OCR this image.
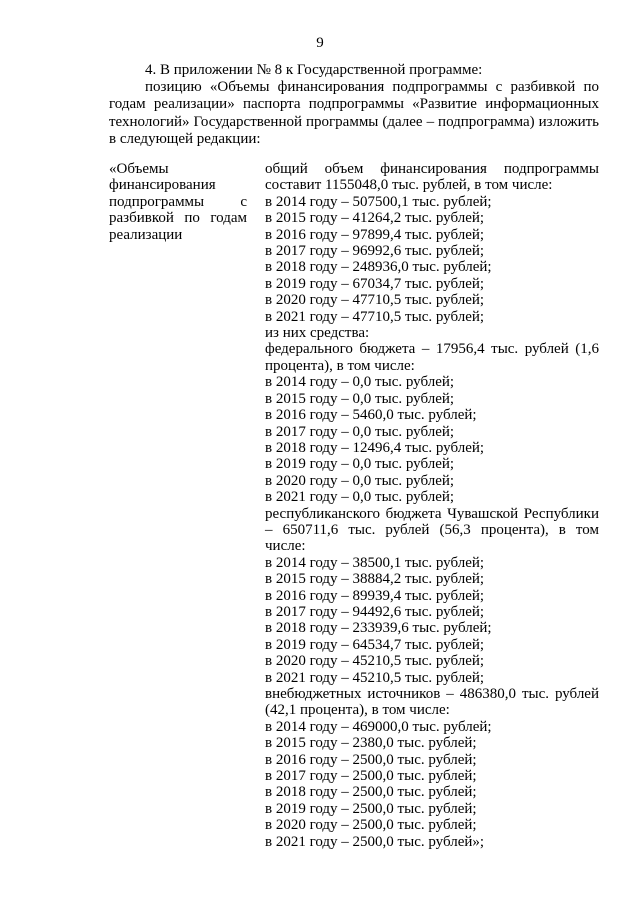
9

4. В приложении № 8 к Государственной программе:

позицию «Объемы финансирования подпрограммы с разбивкой по годам реализации» паспорта подпрограммы «Развитие информационных технологий» Государственной программы (далее – подпрограмма) изложить в следующей редакции:

«Объемы финансирования подпрограммы с разбивкой по годам реализации
общий объем финансирования подпрограммы составит 1155048,0 тыс. рублей, в том числе:
в 2014 году – 507500,1 тыс. рублей;
в 2015 году – 41264,2 тыс. рублей;
в 2016 году – 97899,4 тыс. рублей;
в 2017 году – 96992,6 тыс. рублей;
в 2018 году – 248936,0 тыс. рублей;
в 2019 году – 67034,7 тыс. рублей;
в 2020 году – 47710,5 тыс. рублей;
в 2021 году – 47710,5 тыс. рублей;
из них средства:
федерального бюджета – 17956,4 тыс. рублей (1,6 процента), в том числе:
в 2014 году – 0,0 тыс. рублей;
в 2015 году – 0,0 тыс. рублей;
в 2016 году – 5460,0 тыс. рублей;
в 2017 году – 0,0 тыс. рублей;
в 2018 году – 12496,4 тыс. рублей;
в 2019 году – 0,0 тыс. рублей;
в 2020 году – 0,0 тыс. рублей;
в 2021 году – 0,0 тыс. рублей;
республиканского бюджета Чувашской Республики – 650711,6 тыс. рублей (56,3 процента), в том числе:
в 2014 году – 38500,1 тыс. рублей;
в 2015 году – 38884,2 тыс. рублей;
в 2016 году – 89939,4 тыс. рублей;
в 2017 году – 94492,6 тыс. рублей;
в 2018 году – 233939,6 тыс. рублей;
в 2019 году – 64534,7 тыс. рублей;
в 2020 году – 45210,5 тыс. рублей;
в 2021 году – 45210,5 тыс. рублей;
внебюджетных источников – 486380,0 тыс. рублей (42,1 процента), в том числе:
в 2014 году – 469000,0 тыс. рублей;
в 2015 году – 2380,0 тыс. рублей;
в 2016 году – 2500,0 тыс. рублей;
в 2017 году – 2500,0 тыс. рублей;
в 2018 году – 2500,0 тыс. рублей;
в 2019 году – 2500,0 тыс. рублей;
в 2020 году – 2500,0 тыс. рублей;
в 2021 году – 2500,0 тыс. рублей»;
